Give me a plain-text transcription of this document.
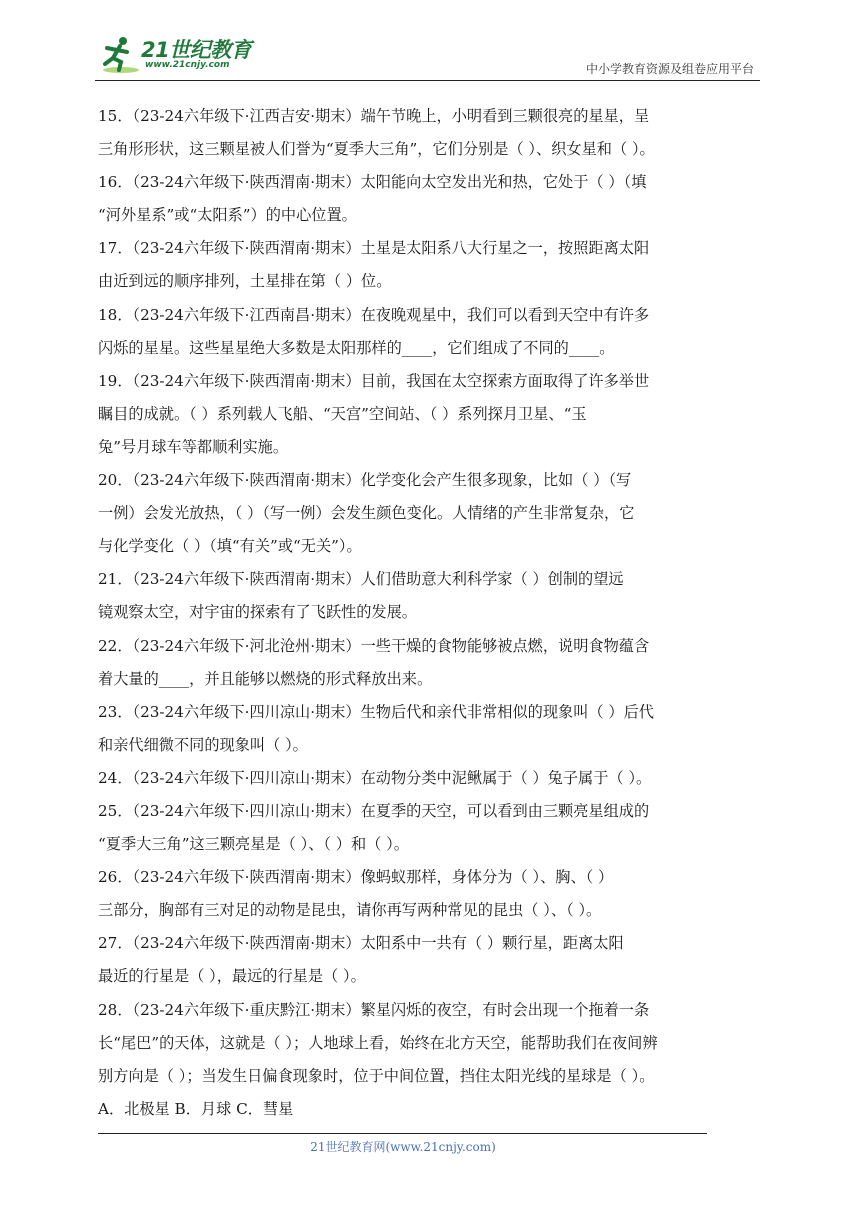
21世纪教育
www.21cnjy.com	中小学教育资源及组卷应用平台
15．（23-24六年级下·江西吉安·期末）端午节晚上，小明看到三颗很亮的星星，呈
三角形形状，这三颗星被人们誉为“夏季大三角”，它们分别是（ ）、织女星和（ ）。
16．（23-24六年级下·陕西渭南·期末）太阳能向太空发出光和热，它处于（ ）（填
“河外星系”或“太阳系”）的中心位置。
17．（23-24六年级下·陕西渭南·期末）土星是太阳系八大行星之一，按照距离太阳
由近到远的顺序排列，土星排在第（ ）位。
18．（23-24六年级下·江西南昌·期末）在夜晚观星中，我们可以看到天空中有许多
闪烁的星星。这些星星绝大多数是太阳那样的____，它们组成了不同的____。
19．（23-24六年级下·陕西渭南·期末）目前，我国在太空探索方面取得了许多举世
瞩目的成就。（ ）系列载人飞船、“天宫”空间站、（ ）系列探月卫星、“玉
兔”号月球车等都顺利实施。
20．（23-24六年级下·陕西渭南·期末）化学变化会产生很多现象，比如（ ）（写
一例）会发光放热，（ ）（写一例）会发生颜色变化。人情绪的产生非常复杂，它
与化学变化（ ）（填“有关”或“无关”）。
21．（23-24六年级下·陕西渭南·期末）人们借助意大利科学家（ ）创制的望远
镜观察太空，对宇宙的探索有了飞跃性的发展。
22．（23-24六年级下·河北沧州·期末）一些干燥的食物能够被点燃，说明食物蕴含
着大量的____，并且能够以燃烧的形式释放出来。
23．（23-24六年级下·四川凉山·期末）生物后代和亲代非常相似的现象叫（ ）后代
和亲代细微不同的现象叫（ ）。
24．（23-24六年级下·四川凉山·期末）在动物分类中泥鳅属于（ ）兔子属于（ ）。
25．（23-24六年级下·四川凉山·期末）在夏季的天空，可以看到由三颗亮星组成的
“夏季大三角”这三颗亮星是（ ）、（ ）和（ ）。
26．（23-24六年级下·陕西渭南·期末）像蚂蚁那样，身体分为（ ）、胸、（ ）
三部分，胸部有三对足的动物是昆虫，请你再写两种常见的昆虫（ ）、（ ）。
27．（23-24六年级下·陕西渭南·期末）太阳系中一共有（ ）颗行星，距离太阳
最近的行星是（ ），最远的行星是（ ）。
28．（23-24六年级下·重庆黔江·期末）繁星闪烁的夜空，有时会出现一个拖着一条
长“尾巴”的天体，这就是（ ）；人地球上看，始终在北方天空，能帮助我们在夜间辨
别方向是（ ）；当发生日偏食现象时，位于中间位置，挡住太阳光线的星球是（ ）。
A．北极星 B．月球 C．彗星
21世纪教育网(www.21cnjy.com)
